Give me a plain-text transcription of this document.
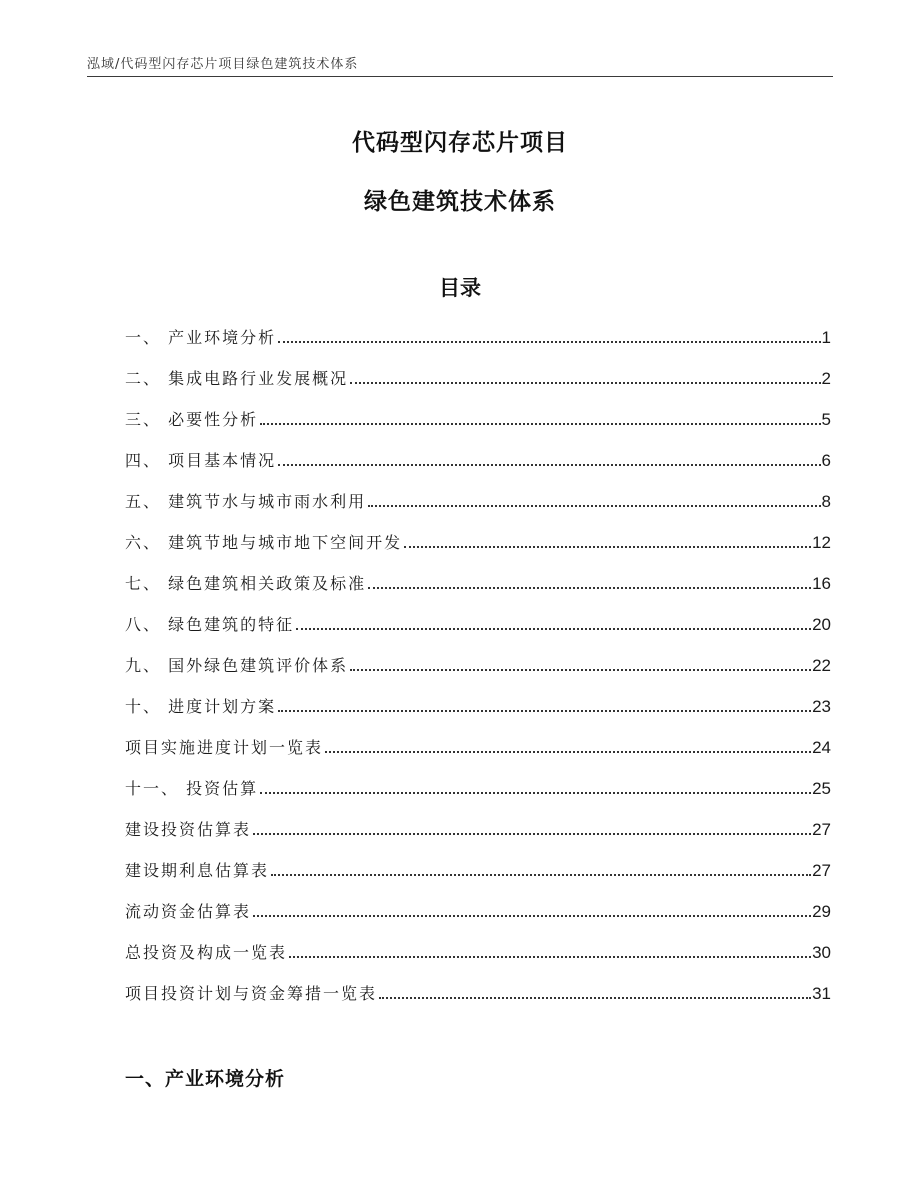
泓域/代码型闪存芯片项目绿色建筑技术体系
代码型闪存芯片项目
绿色建筑技术体系
目录
一、 产业环境分析	1
二、 集成电路行业发展概况	2
三、 必要性分析	5
四、 项目基本情况	6
五、 建筑节水与城市雨水利用	8
六、 建筑节地与城市地下空间开发	12
七、 绿色建筑相关政策及标准	16
八、 绿色建筑的特征	20
九、 国外绿色建筑评价体系	22
十、 进度计划方案	23
项目实施进度计划一览表	24
十一、 投资估算	25
建设投资估算表	27
建设期利息估算表	27
流动资金估算表	29
总投资及构成一览表	30
项目投资计划与资金筹措一览表	31
一、产业环境分析
